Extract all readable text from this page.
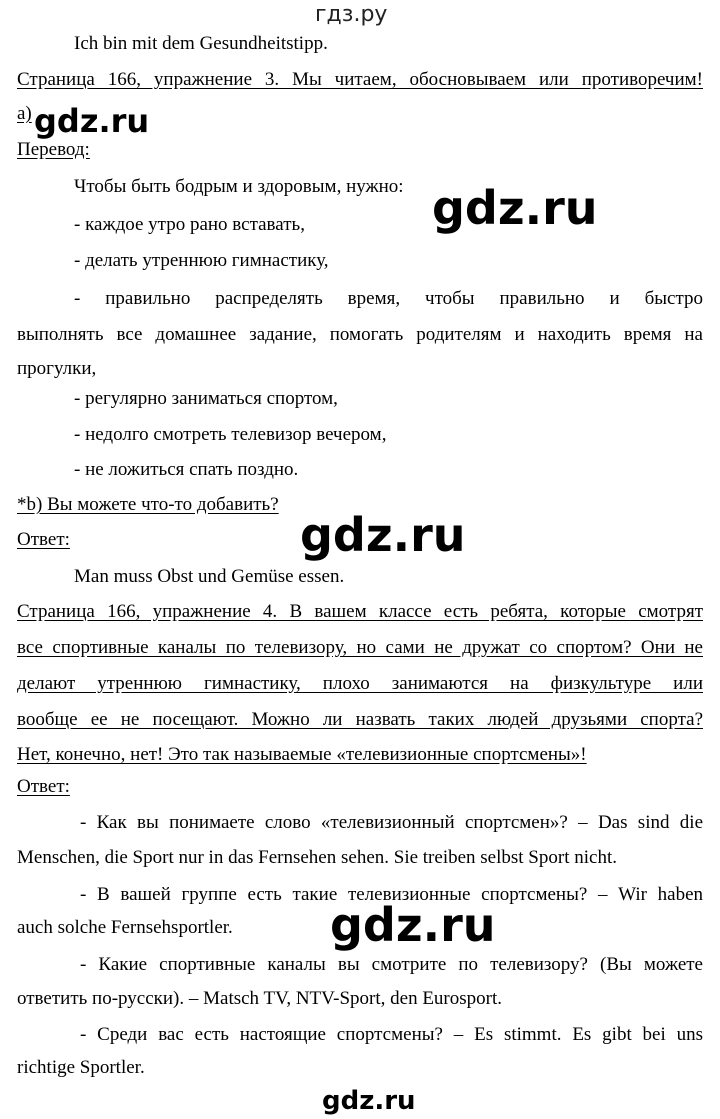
гдз.ру
Ich bin mit dem Gesundheitstipp.
Страница 166, упражнение 3. Мы читаем, обосновываем или противоречим!
a) gdz.ru
Перевод:
Чтобы быть бодрым и здоровым, нужно: gdz.ru
- каждое утро рано вставать,
- делать утреннюю гимнастику,
- правильно распределять время, чтобы правильно и быстро
выполнять все домашнее задание, помогать родителям и находить время на
прогулки,
- регулярно заниматься спортом,
- недолго смотреть телевизор вечером,
- не ложиться спать поздно.
*b) Вы можете что-то добавить?
gdz.ru
Ответ:
Man muss Obst und Gemüse essen.
Страница 166, упражнение 4. В вашем классе есть ребята, которые смотрят
все спортивные каналы по телевизору, но сами не дружат со спортом? Они не
делают утреннюю гимнастику, плохо занимаются на физкультуре или
вообще ее не посещают. Можно ли назвать таких людей друзьями спорта?
Нет, конечно, нет! Это так называемые «телевизионные спортсмены»!
Ответ:
- Как вы понимаете слово «телевизионный спортсмен»? – Das sind die
Menschen, die Sport nur in das Fernsehen sehen. Sie treiben selbst Sport nicht.
- В вашей группе есть такие телевизионные спортсмены? – Wir haben
gdz.ru
auch solche Fernsehsportler.
- Какие спортивные каналы вы смотрите по телевизору? (Вы можете
ответить по-русски). – Matsch TV, NTV-Sport, den Eurosport.
- Среди вас есть настоящие спортсмены? – Es stimmt. Es gibt bei uns
richtige Sportler.
gdz.ru
